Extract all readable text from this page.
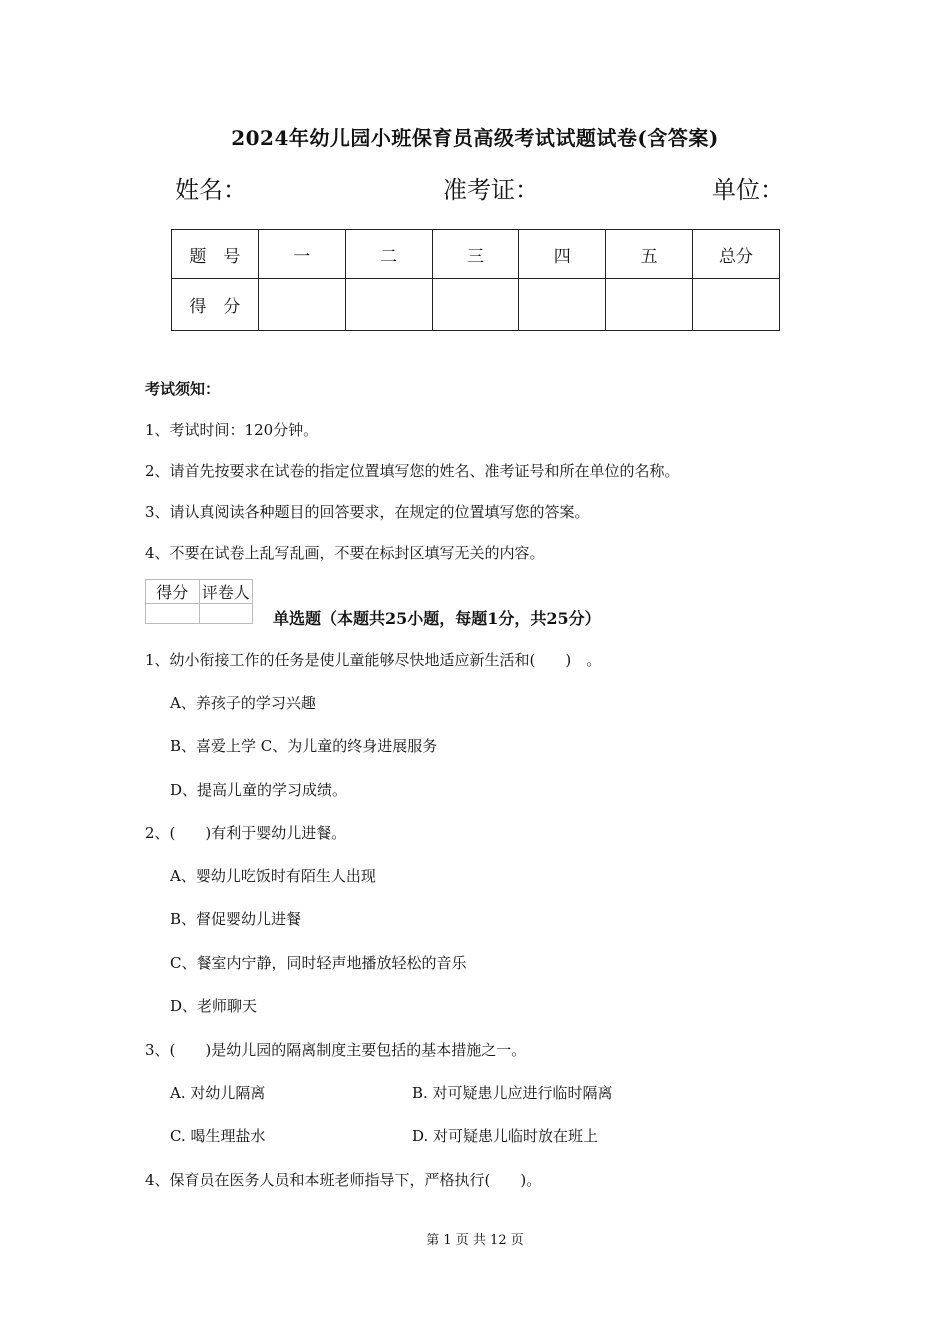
2024年幼儿园小班保育员高级考试试题试卷(含答案)
姓名：	准考证：	单位：
题　号	一	二	三	四	五	总分
得　分						
考试须知：
1、考试时间：120分钟。
2、请首先按要求在试卷的指定位置填写您的姓名、准考证号和所在单位的名称。
3、请认真阅读各种题目的回答要求，在规定的位置填写您的答案。
4、不要在试卷上乱写乱画，不要在标封区填写无关的内容。
得分	评卷人

单选题（本题共25小题，每题1分，共25分）
1、幼小衔接工作的任务是使儿童能够尽快地适应新生活和(　　)　。
A、养孩子的学习兴趣
B、喜爱上学 C、为儿童的终身进展服务
D、提高儿童的学习成绩。
2、(　　)有利于婴幼儿进餐。
A、婴幼儿吃饭时有陌生人出现
B、督促婴幼儿进餐
C、餐室内宁静，同时轻声地播放轻松的音乐
D、老师聊天
3、(　　)是幼儿园的隔离制度主要包括的基本措施之一。
A. 对幼儿隔离	B. 对可疑患儿应进行临时隔离
C. 喝生理盐水	D. 对可疑患儿临时放在班上
4、保育员在医务人员和本班老师指导下，严格执行(　　)。
第 1 页 共 12 页
